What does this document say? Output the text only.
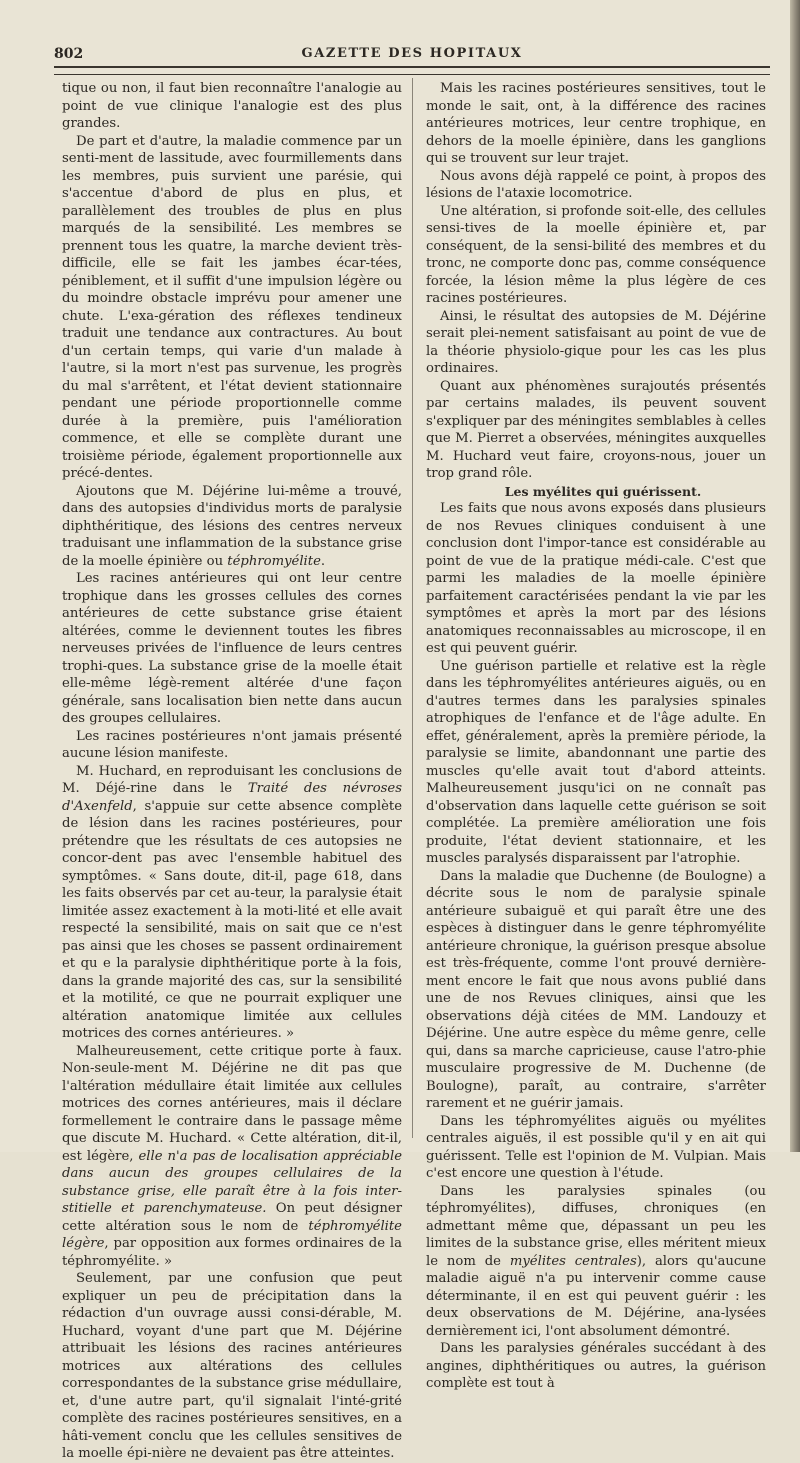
802	GAZETTE DES HOPITAUX

tique ou non, il faut bien reconnaître l'analogie au point de vue clinique l'analogie est des plus grandes.

De part et d'autre, la maladie commence par un senti-ment de lassitude, avec fourmillements dans les membres, puis survient une parésie, qui s'accentue d'abord de plus en plus, et parallèlement des troubles de plus en plus marqués de la sensibilité. Les membres se prennent tous les quatre, la marche devient très-difficile, elle se fait les jambes écar-tées, péniblement, et il suffit d'une impulsion légère ou du moindre obstacle imprévu pour amener une chute. L'exa-gération des réflexes tendineux traduit une tendance aux contractures. Au bout d'un certain temps, qui varie d'un malade à l'autre, si la mort n'est pas survenue, les progrès du mal s'arrêtent, et l'état devient stationnaire pendant une période proportionnelle comme durée à la première, puis l'amélioration commence, et elle se complète durant une troisième période, également proportionnelle aux précé-dentes.

Ajoutons que M. Déjérine lui-même a trouvé, dans des autopsies d'individus morts de paralysie diphthéritique, des lésions des centres nerveux traduisant une inflammation de la substance grise de la moelle épinière ou téphromyélite.

Les racines antérieures qui ont leur centre trophique dans les grosses cellules des cornes antérieures de cette substance grise étaient altérées, comme le deviennent toutes les fibres nerveuses privées de l'influence de leurs centres trophi-ques. La substance grise de la moelle était elle-même légè-rement altérée d'une façon générale, sans localisation bien nette dans aucun des groupes cellulaires.

Les racines postérieures n'ont jamais présenté aucune lésion manifeste.

M. Huchard, en reproduisant les conclusions de M. Déjé-rine dans le Traité des névroses d'Axenfeld, s'appuie sur cette absence complète de lésion dans les racines postérieures, pour prétendre que les résultats de ces autopsies ne concor-dent pas avec l'ensemble habituel des symptômes. « Sans doute, dit-il, page 618, dans les faits observés par cet au-teur, la paralysie était limitée assez exactement à la moti-lité et elle avait respecté la sensibilité, mais on sait que ce n'est pas ainsi que les choses se passent ordinairement et qu e la paralysie diphthéritique porte à la fois, dans la grande majorité des cas, sur la sensibilité et la motilité, ce que ne pourrait expliquer une altération anatomique limitée aux cellules motrices des cornes antérieures. »

Malheureusement, cette critique porte à faux. Non-seule-ment M. Déjérine ne dit pas que l'altération médullaire était limitée aux cellules motrices des cornes antérieures, mais il déclare formellement le contraire dans le passage même que discute M. Huchard. « Cette altération, dit-il, est légère, elle n'a pas de localisation appréciable dans aucun des groupes cellulaires de la substance grise, elle paraît être à la fois inter-stitielle et parenchymateuse. On peut désigner cette altération sous le nom de téphromyélite légère, par opposition aux formes ordinaires de la téphromyélite. »

Seulement, par une confusion que peut expliquer un peu de précipitation dans la rédaction d'un ouvrage aussi consi-dérable, M. Huchard, voyant d'une part que M. Déjérine attribuait les lésions des racines antérieures motrices aux altérations des cellules correspondantes de la substance grise médullaire, et, d'une autre part, qu'il signalait l'inté-grité complète des racines postérieures sensitives, en a hâti-vement conclu que les cellules sensitives de la moelle épi-nière ne devaient pas être atteintes.

Mais les racines postérieures sensitives, tout le monde le sait, ont, à la différence des racines antérieures motrices, leur centre trophique, en dehors de la moelle épinière, dans les ganglions qui se trouvent sur leur trajet.

Nous avons déjà rappelé ce point, à propos des lésions de l'ataxie locomotrice.

Une altération, si profonde soit-elle, des cellules sensi-tives de la moelle épinière et, par conséquent, de la sensi-bilité des membres et du tronc, ne comporte donc pas, comme conséquence forcée, la lésion même la plus légère de ces racines postérieures.

Ainsi, le résultat des autopsies de M. Déjérine serait plei-nement satisfaisant au point de vue de la théorie physiolo-gique pour les cas les plus ordinaires.

Quant aux phénomènes surajoutés présentés par certains malades, ils peuvent souvent s'expliquer par des méningites semblables à celles que M. Pierret a observées, méningites auxquelles M. Huchard veut faire, croyons-nous, jouer un trop grand rôle.

Les myélites qui guérissent.

Les faits que nous avons exposés dans plusieurs de nos Revues cliniques conduisent à une conclusion dont l'impor-tance est considérable au point de vue de la pratique médi-cale. C'est que parmi les maladies de la moelle épinière parfaitement caractérisées pendant la vie par les symptômes et après la mort par des lésions anatomiques reconnaissables au microscope, il en est qui peuvent guérir.

Une guérison partielle et relative est la règle dans les téphromyélites antérieures aiguës, ou en d'autres termes dans les paralysies spinales atrophiques de l'enfance et de l'âge adulte. En effet, généralement, après la première période, la paralysie se limite, abandonnant une partie des muscles qu'elle avait tout d'abord atteints. Malheureusement jusqu'ici on ne connaît pas d'observation dans laquelle cette guérison se soit complétée. La première amélioration une fois produite, l'état devient stationnaire, et les muscles paralysés disparaissent par l'atrophie.

Dans la maladie que Duchenne (de Boulogne) a décrite sous le nom de paralysie spinale antérieure subaiguë et qui paraît être une des espèces à distinguer dans le genre téphromyélite antérieure chronique, la guérison presque absolue est très-fréquente, comme l'ont prouvé dernière-ment encore le fait que nous avons publié dans une de nos Revues cliniques, ainsi que les observations déjà citées de MM. Landouzy et Déjérine. Une autre espèce du même genre, celle qui, dans sa marche capricieuse, cause l'atro-phie musculaire progressive de M. Duchenne (de Boulogne), paraît, au contraire, s'arrêter rarement et ne guérir jamais.

Dans les téphromyélites aiguës ou myélites centrales aiguës, il est possible qu'il y en ait qui guérissent. Telle est l'opinion de M. Vulpian. Mais c'est encore une question à l'étude.

Dans les paralysies spinales (ou téphromyélites), diffuses, chroniques (en admettant même que, dépassant un peu les limites de la substance grise, elles méritent mieux le nom de myélites centrales), alors qu'aucune maladie aiguë n'a pu intervenir comme cause déterminante, il en est qui peuvent guérir : les deux observations de M. Déjérine, ana-lysées dernièrement ici, l'ont absolument démontré.

Dans les paralysies générales succédant à des angines, diphthéritiques ou autres, la guérison complète est tout à
